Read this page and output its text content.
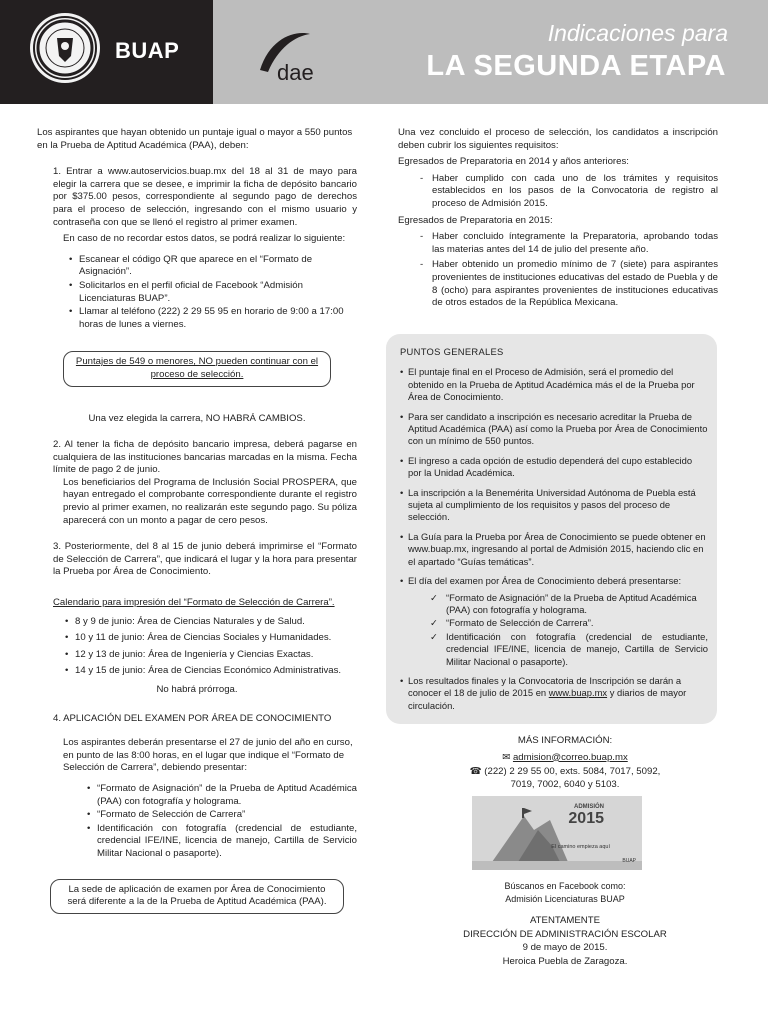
BUAP
dae
Indicaciones para
LA SEGUNDA ETAPA

Los aspirantes que hayan obtenido un puntaje igual o mayor a 550 puntos en la Prueba de Aptitud Académica (PAA), deben:

1. Entrar a www.autoservicios.buap.mx del 18 al 31 de mayo para elegir la carrera que se desee, e imprimir la ficha de depósito bancario por $375.00 pesos, correspondiente al segundo pago de derechos para el proceso de selección, ingresando con el mismo usuario y contraseña con que se llenó el registro al primer examen.

En caso de no recordar estos datos, se podrá realizar lo siguiente:

• Escanear el código QR que aparece en el “Formato de Asignación”.
• Solicitarlos en el perfil oficial de Facebook “Admisión Licenciaturas BUAP”.
• Llamar al teléfono (222) 2 29 55 95 en horario de 9:00 a 17:00 horas de lunes a viernes.
Puntajes de 549 o menores, NO pueden continuar con el proceso de selección.

Una vez elegida la carrera, NO HABRÁ CAMBIOS.

2. Al tener la ficha de depósito bancario impresa, deberá pagarse en cualquiera de las instituciones bancarias marcadas en la misma. Fecha límite de pago 2 de junio.

Los beneficiarios del Programa de Inclusión Social PROSPERA, que hayan entregado el comprobante correspondiente durante el registro previo al primer examen, no realizarán este segundo pago. Su póliza aparecerá con un monto a pagar de cero pesos.

3. Posteriormente, del 8 al 15 de junio deberá imprimirse el “Formato de Selección de Carrera”, que indicará el lugar y la hora para presentar la Prueba por Área de Conocimiento.

Calendario para impresión del “Formato de Selección de Carrera”.

• 8 y 9 de junio: Área de Ciencias Naturales y de Salud.
• 10 y 11 de junio: Área de Ciencias Sociales y Humanidades.
• 12 y 13 de junio: Área de Ingeniería y Ciencias Exactas.
• 14 y 15 de junio: Área de Ciencias Económico Administrativas.

No habrá prórroga.

4. APLICACIÓN DEL EXAMEN POR ÁREA DE CONOCIMIENTO

Los aspirantes deberán presentarse el 27 de junio del año en curso, en punto de las 8:00 horas, en el lugar que indique el “Formato de Selección de Carrera”, debiendo presentar:

• “Formato de Asignación” de la Prueba de Aptitud Académica (PAA) con fotografía y holograma.
• “Formato de Selección de Carrera”
• Identificación con fotografía (credencial de estudiante, credencial IFE/INE, licencia de manejo, Cartilla de Servicio Militar Nacional o pasaporte).
La sede de aplicación de examen por Área de Conocimiento será diferente a la de la Prueba de Aptitud Académica (PAA).

Una vez concluido el proceso de selección, los candidatos a inscripción deben cubrir los siguientes requisitos:

Egresados de Preparatoria en 2014 y años anteriores:

- Haber cumplido con cada uno de los trámites y requisitos establecidos en los pasos de la Convocatoria de registro al proceso de Admisión 2015.

Egresados de Preparatoria en 2015:

- Haber concluido íntegramente la Preparatoria, aprobando todas las materias antes del 14 de julio del presente año.
- Haber obtenido un promedio mínimo de 7 (siete) para aspirantes provenientes de instituciones educativas del estado de Puebla y de 8 (ocho) para aspirantes provenientes de instituciones educativas de otros estados de la República Mexicana.

PUNTOS GENERALES

• El puntaje final en el Proceso de Admisión, será el promedio del obtenido en la Prueba de Aptitud Académica más el de la Prueba por Área de Conocimiento.
• Para ser candidato a inscripción es necesario acreditar la Prueba de Aptitud Académica (PAA) así como la Prueba por Área de Conocimiento con un mínimo de 550 puntos.
• El ingreso a cada opción de estudio dependerá del cupo establecido por la Unidad Académica.
• La inscripción a la Benemérita Universidad Autónoma de Puebla está sujeta al cumplimiento de los requisitos y pasos del proceso de selección.
• La Guía para la Prueba por Área de Conocimiento se puede obtener en www.buap.mx, ingresando al portal de Admisión 2015, haciendo clic en el apartado “Guías temáticas”.
• El día del examen por Área de Conocimiento deberá presentarse:
✓ “Formato de Asignación” de la Prueba de Aptitud Académica (PAA) con fotografía y holograma.
✓ “Formato de Selección de Carrera”.
✓ Identificación con fotografía (credencial de estudiante, credencial IFE/INE, licencia de manejo, Cartilla de Servicio Militar Nacional o pasaporte).
• Los resultados finales y la Convocatoria de Inscripción se darán a conocer el 18 de julio de 2015 en www.buap.mx y diarios de mayor circulación.

MÁS INFORMACIÓN:

✉ admision@correo.buap.mx

☎ (222) 2 29 55 00, exts. 5084, 7017, 5092, 7019, 7002, 6040 y 5103.

ADMISIÓN
2015
El camino empieza aquí
BUAP

Búscanos en Facebook como: Admisión Licenciaturas BUAP

ATENTAMENTE

DIRECCIÓN DE ADMINISTRACIÓN ESCOLAR

9 de mayo de 2015.

Heroica Puebla de Zaragoza.
